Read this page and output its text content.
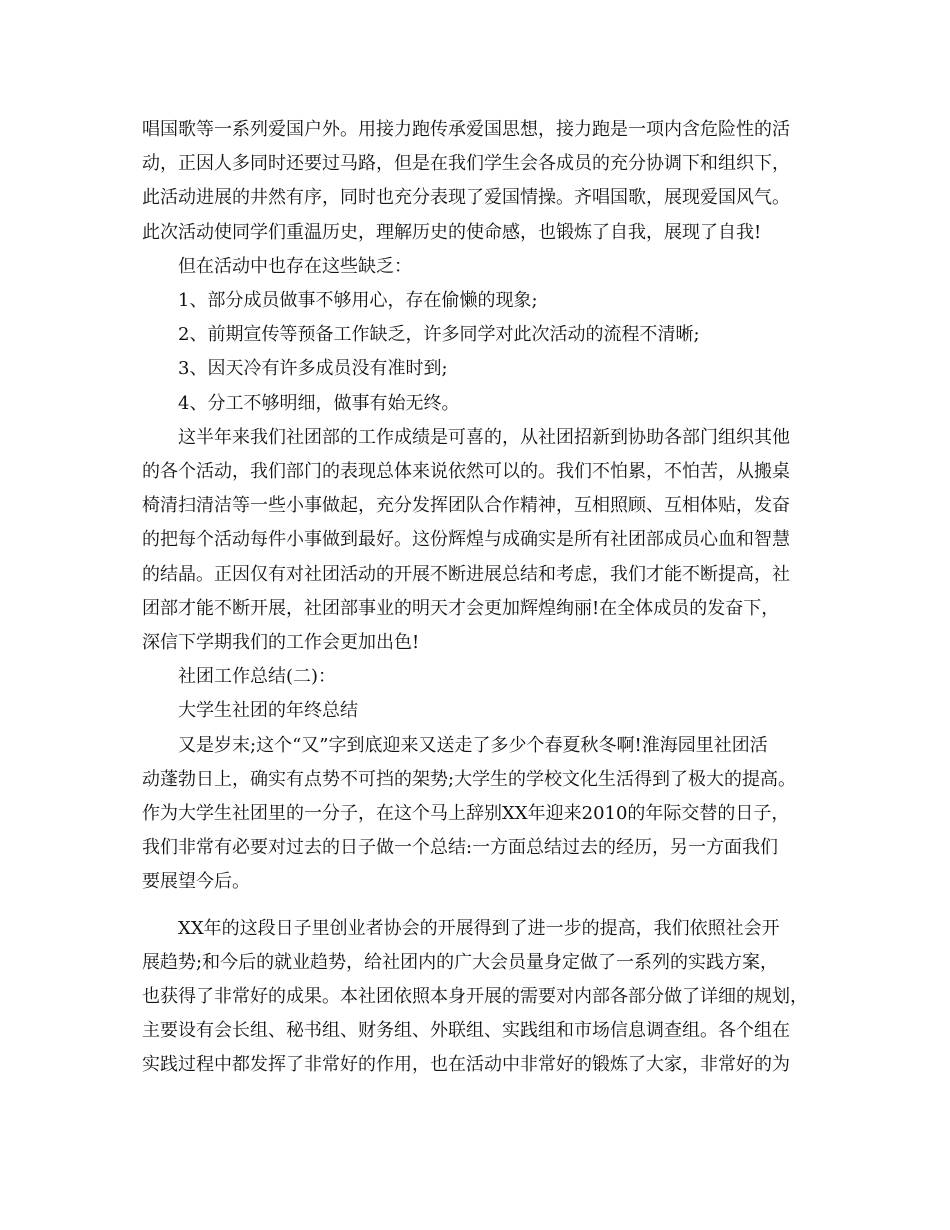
唱国歌等一系列爱国户外。用接力跑传承爱国思想，接力跑是一项内含危险性的活

动，正因人多同时还要过马路，但是在我们学生会各成员的充分协调下和组织下，

此活动进展的井然有序，同时也充分表现了爱国情操。齐唱国歌，展现爱国风气。

此次活动使同学们重温历史，理解历史的使命感，也锻炼了自我，展现了自我!

但在活动中也存在这些缺乏：

1、部分成员做事不够用心，存在偷懒的现象;

2、前期宣传等预备工作缺乏，许多同学对此次活动的流程不清晰;

3、因天冷有许多成员没有准时到;

4、分工不够明细，做事有始无终。

这半年来我们社团部的工作成绩是可喜的，从社团招新到协助各部门组织其他

的各个活动，我们部门的表现总体来说依然可以的。我们不怕累，不怕苦，从搬桌

椅清扫清洁等一些小事做起，充分发挥团队合作精神，互相照顾、互相体贴，发奋

的把每个活动每件小事做到最好。这份辉煌与成确实是所有社团部成员心血和智慧

的结晶。正因仅有对社团活动的开展不断进展总结和考虑，我们才能不断提高，社

团部才能不断开展，社团部事业的明天才会更加辉煌绚丽!在全体成员的发奋下，

深信下学期我们的工作会更加出色!

社团工作总结(二)：

大学生社团的年终总结

又是岁末;这个“又”字到底迎来又送走了多少个春夏秋冬啊!淮海园里社团活

动蓬勃日上，确实有点势不可挡的架势;大学生的学校文化生活得到了极大的提高。

作为大学生社团里的一分子，在这个马上辞别XX年迎来2010的年际交替的日子，

我们非常有必要对过去的日子做一个总结:一方面总结过去的经历，另一方面我们

要展望今后。

XX年的这段日子里创业者协会的开展得到了进一步的提高，我们依照社会开

展趋势;和今后的就业趋势，给社团内的广大会员量身定做了一系列的实践方案，

也获得了非常好的成果。本社团依照本身开展的需要对内部各部分做了详细的规划，

主要设有会长组、秘书组、财务组、外联组、实践组和市场信息调查组。各个组在

实践过程中都发挥了非常好的作用，也在活动中非常好的锻炼了大家，非常好的为
